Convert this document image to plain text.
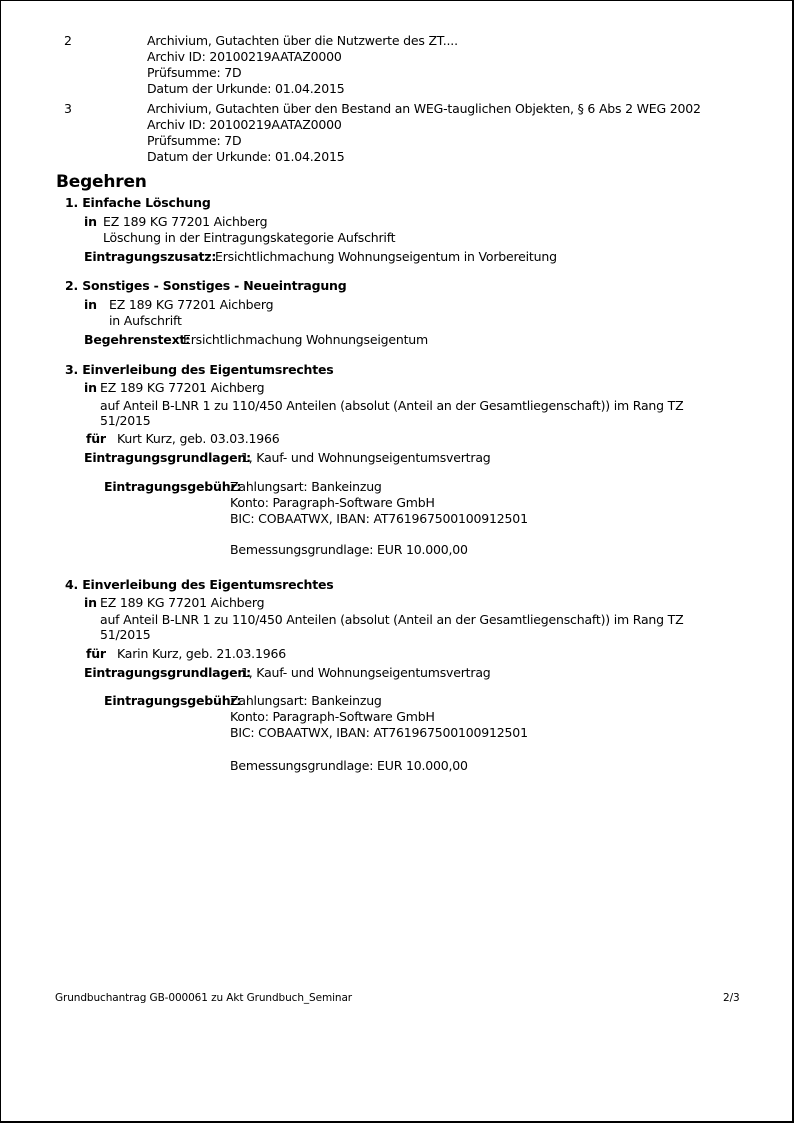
2	Archivium, Gutachten über die Nutzwerte des ZT....
Archiv ID: 20100219AATAZ0000
Prüfsumme: 7D
Datum der Urkunde: 01.04.2015
3	Archivium, Gutachten über den Bestand an WEG-tauglichen Objekten, § 6 Abs 2 WEG 2002
Archiv ID: 20100219AATAZ0000
Prüfsumme: 7D
Datum der Urkunde: 01.04.2015
Begehren
1. Einfache Löschung
in EZ 189 KG 77201 Aichberg
Löschung in der Eintragungskategorie Aufschrift
Eintragungszusatz:
Ersichtlichmachung Wohnungseigentum in Vorbereitung
2. Sonstiges - Sonstiges - Neueintragung
in EZ 189 KG 77201 Aichberg
in Aufschrift
Begehrenstext:
Ersichtlichmachung Wohnungseigentum
3. Einverleibung des Eigentumsrechtes
in EZ 189 KG 77201 Aichberg
auf Anteil B-LNR 1 zu 110/450 Anteilen (absolut (Anteil an der Gesamtliegenschaft)) im Rang TZ
51/2015
für Kurt Kurz, geb. 03.03.1966
Eintragungsgrundlagen:
1, Kauf- und Wohnungseigentumsvertrag
Eintragungsgebühr:
Zahlungsart: Bankeinzug
Konto: Paragraph-Software GmbH
BIC: COBAATWX, IBAN: AT761967500100912501
Bemessungsgrundlage: EUR 10.000,00
4. Einverleibung des Eigentumsrechtes
in EZ 189 KG 77201 Aichberg
auf Anteil B-LNR 1 zu 110/450 Anteilen (absolut (Anteil an der Gesamtliegenschaft)) im Rang TZ
51/2015
für Karin Kurz, geb. 21.03.1966
Eintragungsgrundlagen:
1, Kauf- und Wohnungseigentumsvertrag
Eintragungsgebühr:
Zahlungsart: Bankeinzug
Konto: Paragraph-Software GmbH
BIC: COBAATWX, IBAN: AT761967500100912501
Bemessungsgrundlage: EUR 10.000,00
Grundbuchantrag GB-000061 zu Akt Grundbuch_Seminar	2/3
